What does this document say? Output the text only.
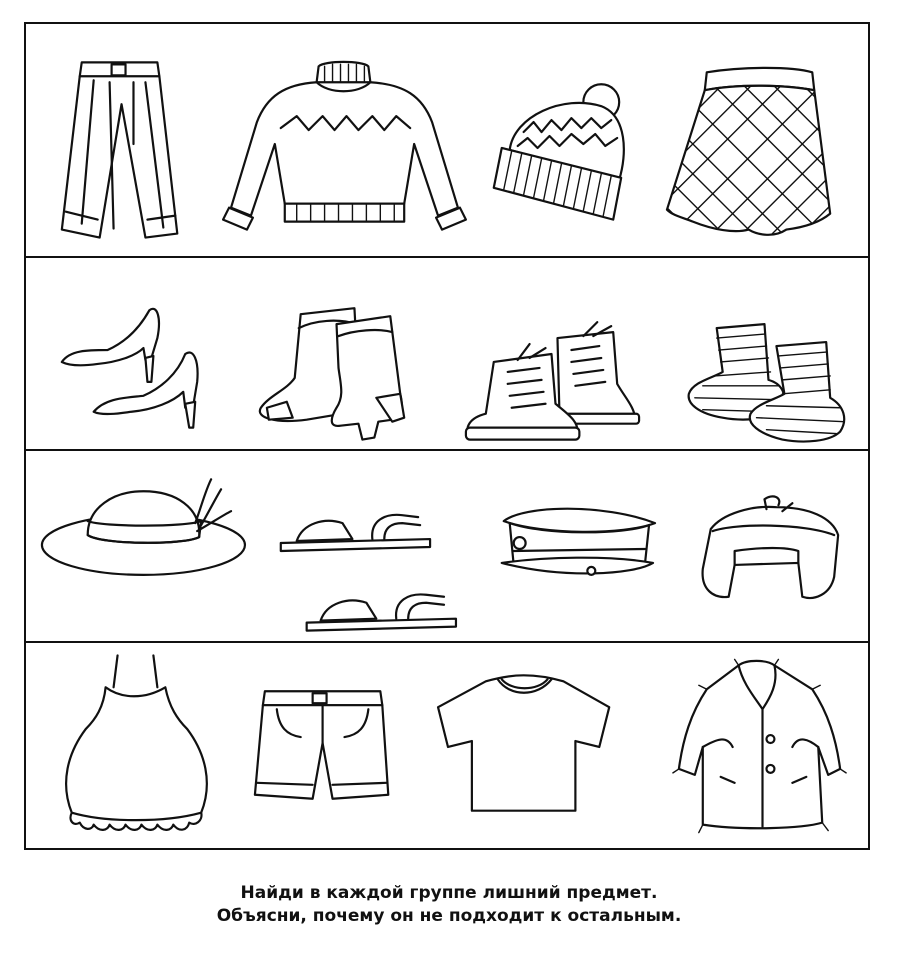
Найди в каждой группе лишний предмет.
Объясни, почему он не подходит к остальным.
